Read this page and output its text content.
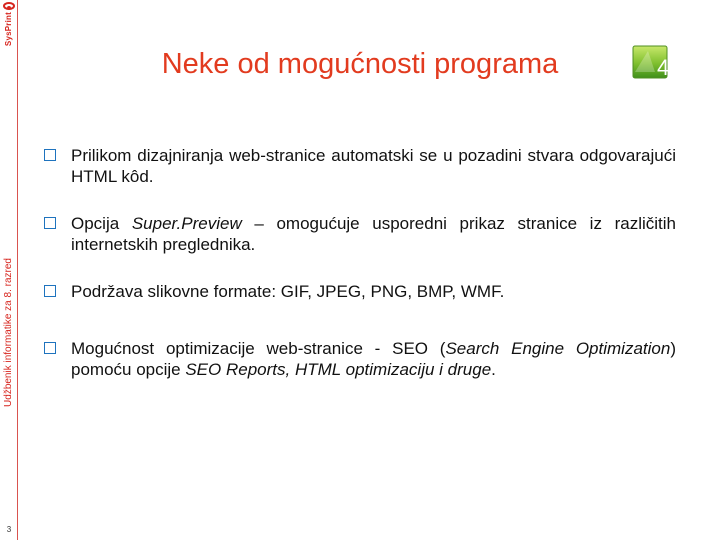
SysPrint
Udžbenik informatike za 8. razred
3
Neke od mogućnosti programa	4
Prilikom dizajniranja web-stranice automatski se u pozadini stvara odgovarajući HTML kôd.
Opcija Super.Preview – omogućuje usporedni prikaz stranice iz različitih internetskih preglednika.
Podržava slikovne formate: GIF, JPEG, PNG, BMP, WMF.
Mogućnost optimizacije web-stranice - SEO (Search Engine Optimization) pomoću opcije SEO Reports, HTML optimizaciju i druge.
